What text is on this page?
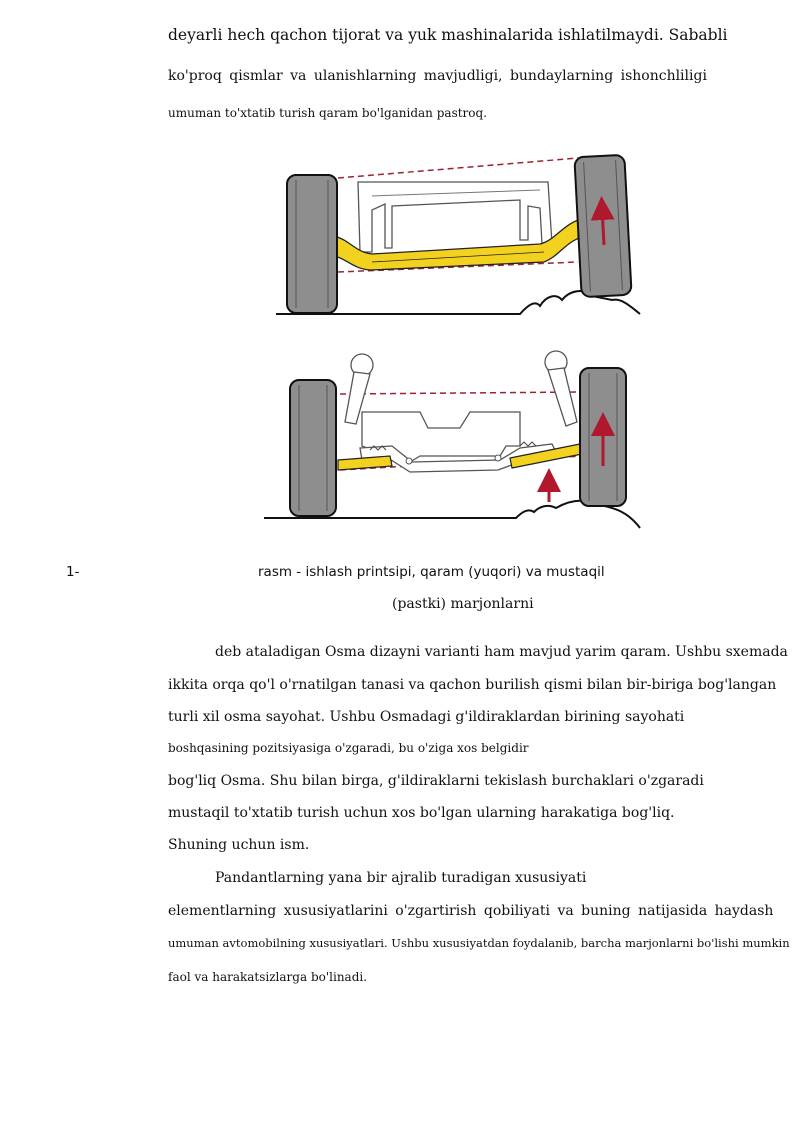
deyarli hech qachon tijorat va yuk mashinalarida ishlatilmaydi. Sababli
ko'proq qismlar va ulanishlarning mavjudligi, bundaylarning ishonchliligi
umuman to'xtatib turish qaram bo'lganidan pastroq.
1-	rasm - ishlash printsipi, qaram (yuqori) va mustaqil
(pastki) marjonlarni
deb ataladigan Osma dizayni varianti ham mavjud yarim qaram. Ushbu sxemada
ikkita orqa qo'l o'rnatilgan tanasi va qachon burilish qismi bilan bir-biriga bog'langan
turli xil osma sayohat. Ushbu Osmadagi g'ildiraklardan birining sayohati
boshqasining pozitsiyasiga o'zgaradi, bu o'ziga xos belgidir
bog'liq Osma. Shu bilan birga, g'ildiraklarni tekislash burchaklari o'zgaradi
mustaqil to'xtatib turish uchun xos bo'lgan ularning harakatiga bog'liq.
Shuning uchun ism.
Pandantlarning yana bir ajralib turadigan xususiyati
elementlarning xususiyatlarini o'zgartirish qobiliyati va buning natijasida haydash
umuman avtomobilning xususiyatlari. Ushbu xususiyatdan foydalanib, barcha marjonlarni bo'lishi mumkin
faol va harakatsizlarga bo'linadi.
